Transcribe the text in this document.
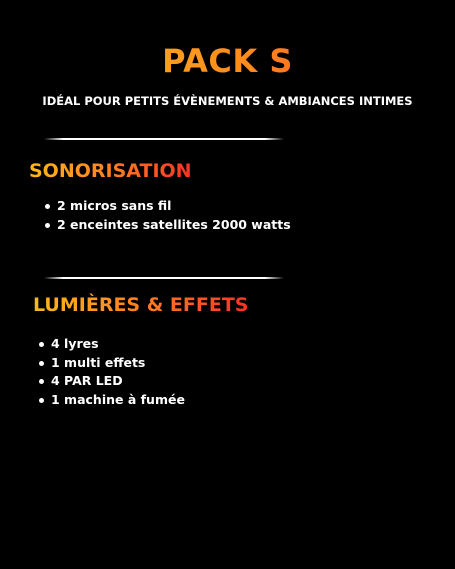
PACK S
IDÉAL POUR PETITS ÉVÈNEMENTS & AMBIANCES INTIMES
SONORISATION
2 micros sans fil
2 enceintes satellites 2000 watts
LUMIÈRES & EFFETS
4 lyres
1 multi effets
4 PAR LED
1 machine à fumée
